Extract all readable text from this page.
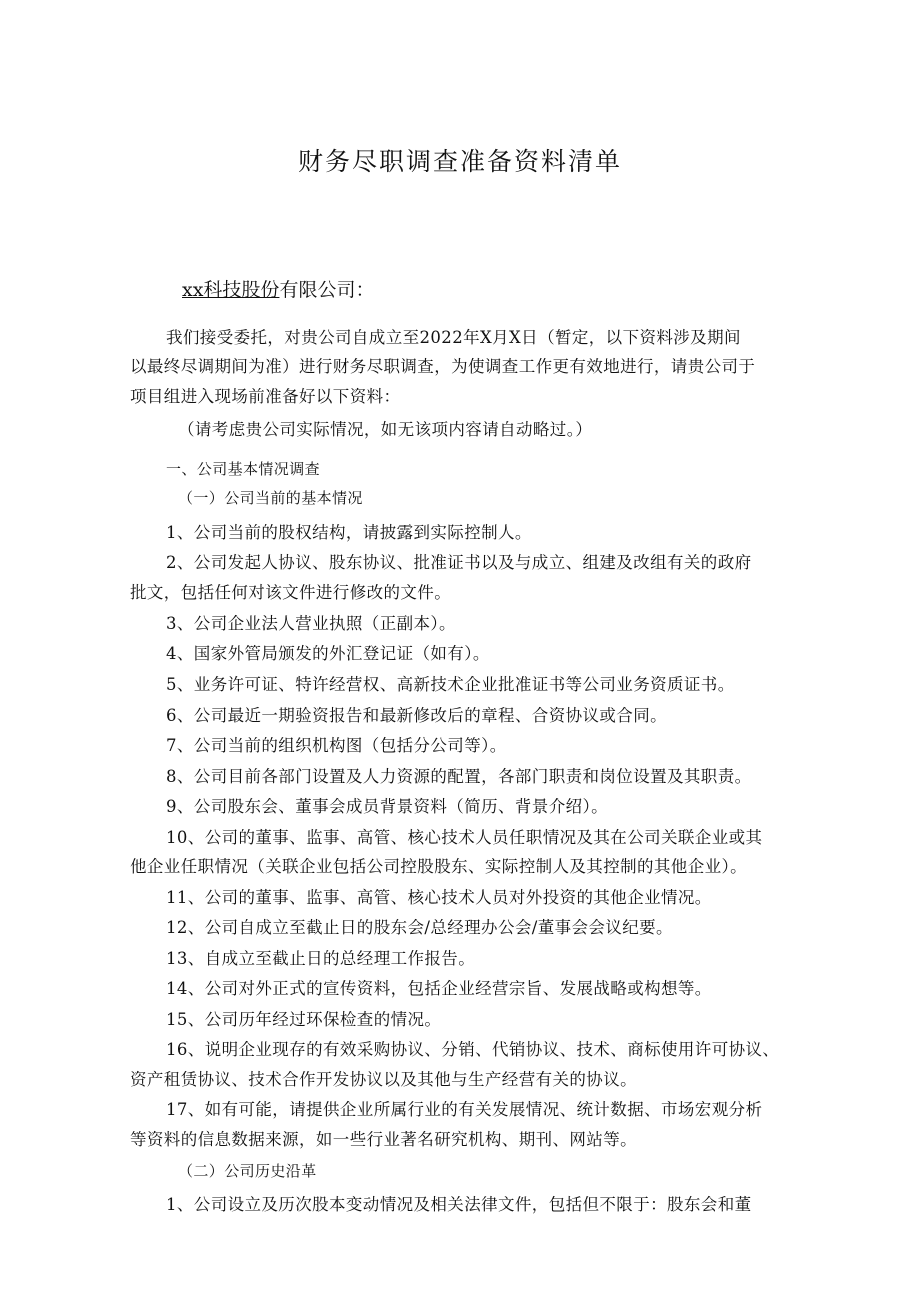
财务尽职调查准备资料清单
xx科技股份有限公司：
我们接受委托，对贵公司自成立至2022年X月X日（暂定，以下资料涉及期间
以最终尽调期间为准）进行财务尽职调查，为使调查工作更有效地进行，请贵公司于
项目组进入现场前准备好以下资料：
（请考虑贵公司实际情况，如无该项内容请自动略过。）
一、公司基本情况调查
（一）公司当前的基本情况
1、公司当前的股权结构，请披露到实际控制人。
2、公司发起人协议、股东协议、批准证书以及与成立、组建及改组有关的政府
批文，包括任何对该文件进行修改的文件。
3、公司企业法人营业执照（正副本）。
4、国家外管局颁发的外汇登记证（如有）。
5、业务许可证、特许经营权、高新技术企业批准证书等公司业务资质证书。
6、公司最近一期验资报告和最新修改后的章程、合资协议或合同。
7、公司当前的组织机构图（包括分公司等）。
8、公司目前各部门设置及人力资源的配置，各部门职责和岗位设置及其职责。
9、公司股东会、董事会成员背景资料（简历、背景介绍）。
10、公司的董事、监事、高管、核心技术人员任职情况及其在公司关联企业或其
他企业任职情况（关联企业包括公司控股股东、实际控制人及其控制的其他企业）。
11、公司的董事、监事、高管、核心技术人员对外投资的其他企业情况。
12、公司自成立至截止日的股东会/总经理办公会/董事会会议纪要。
13、自成立至截止日的总经理工作报告。
14、公司对外正式的宣传资料，包括企业经营宗旨、发展战略或构想等。
15、公司历年经过环保检查的情况。
16、说明企业现存的有效采购协议、分销、代销协议、技术、商标使用许可协议、
资产租赁协议、技术合作开发协议以及其他与生产经营有关的协议。
17、如有可能，请提供企业所属行业的有关发展情况、统计数据、市场宏观分析
等资料的信息数据来源，如一些行业著名研究机构、期刊、网站等。
（二）公司历史沿革
1、公司设立及历次股本变动情况及相关法律文件，包括但不限于：股东会和董
